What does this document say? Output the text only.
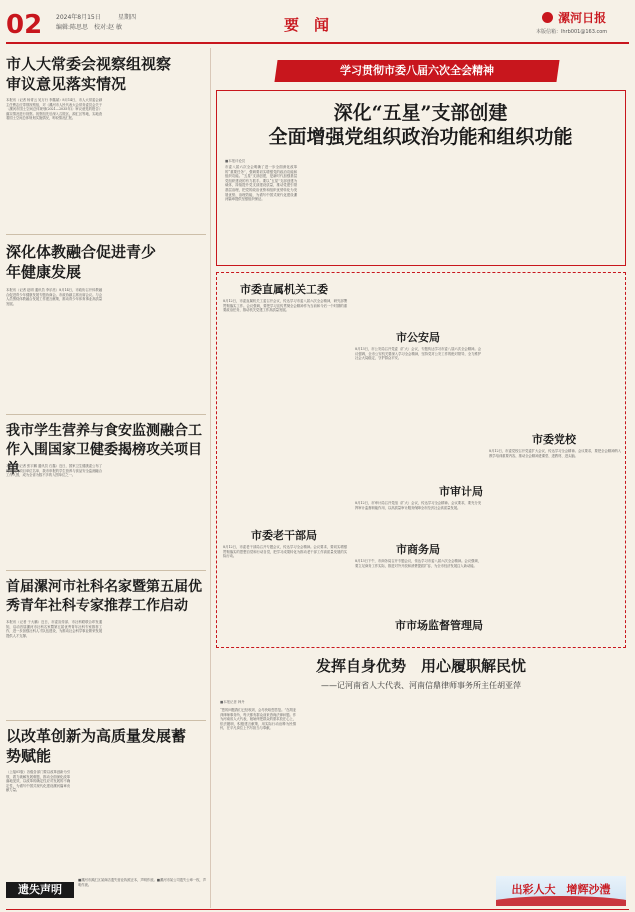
02 2024年8月15日	星期四
编辑:陈思思　校对:赵 敏	要　闻	漯河日报
本版信箱：lhrb001@163.com
市人大常委会视察组视察审议意见落实情况
本报讯（记者 杨青云 吴万行 李鑫斌）8月14日，市人大常委会副主任曹志红带领视察组，对《漯河市人民代表大会常务委员会关于〈漯河市国土空间总体规划(2021—2035年)〉审议意见的报告》落实情况进行视察。视察组先后深入召陵区、源汇区等地，实地查看国土空间总体规划实施情况，听取情况汇报。
深化体教融合促进青少年健康发展
本报讯（记者 赵明 通讯员 李乐亮）8月14日，市政协召开体教融合促进青少年健康发展专题协商会。市政协副主席出席会议。与会人员围绕体教融合发展工作建言献策，推动青少年体育事业高质量发展。
我市学生营养与食安监测融合工作入围国家卫健委揭榜攻关项目单
本报讯（记者 张宇鹏 通讯员 石鑫）近日，国家卫生健康委公布了揭榜攻关项目单位名单，我市申报的学生营养与食品安全监测融合工作入围，成为全省为数不多的入围单位之一。
首届漯河市社科名家暨第五届优秀青年社科专家推荐工作启动
本报讯（记者 于大鹏）近日，市委宣传部、市社科联联合印发通知，启动首届漯河市社科名家暨第五届优秀青年社科专家推荐工作，进一步加强社科人才队伍建设，为推动社会科学事业繁荣发展提供人才支撑。
以改革创新为高质量发展蓄势赋能
（上接01版）各级各部门要以改革创新为引领，着力破解发展难题，推动全面深化改革落地见效，以改革的确定性应对发展的不确定性，为谱写中国式现代化建设漯河篇章贡献力量。
遗失声明
■漯河市源汇区某商店遗失营业执照正本，声明作废。■漯河市某公司遗失公章一枚，声明作废。
学习贯彻市委八届六次全会精神
深化“五星”支部创建
全面增强党组织政治功能和组织功能
■本报评论员
市委八届六次全会明确了进一步全面深化改革的“重要任务”，强调要切实增强党的政治功能和组织功能。“五星”支部创建，是新时代加强基层党组织建设的有力抓手。要以“五星”支部创建为载体，持续提升党支部建设质量，推动党建引领基层治理，把党的政治优势和组织优势转化为发展优势、治理效能，为谱写中国式现代化建设漯河篇章提供坚强组织保证。
市委直属机关工委
8月12日，市委直属机关工委召开会议，传达学习市委八届六次全会精神，研究部署贯彻落实工作。会议强调，要把学习宣传贯彻全会精神作为当前和今后一个时期的重要政治任务，推动机关党建工作高质量发展。
市委老干部局
8月12日，市委老干部局召开专题会议，传达学习全会精神。会议要求，要切实增强贯彻落实的思想自觉和行动自觉，把学习成果转化为推动老干部工作高质量发展的实际行动。
市公安局
8月13日，市公安局召开党委（扩大）会议，专题传达学习市委八届六次全会精神。会议强调，全市公安机关要深入学习全会精神，坚持党对公安工作的绝对领导，全力维护社会大局稳定，守护群众平安。
市审计局
8月12日，市审计局召开党组（扩大）会议，传达学习全会精神。会议要求，要充分发挥审计监督职能作用，以高质量审计服务保障全市经济社会高质量发展。
市商务局
8月13日下午，市商务局召开专题会议，传达学习市委八届六次全会精神。会议强调，要立足商务工作实际，推进对外开放和消费提质扩容，为全市经济发展注入新动能。
市委党校
8月12日，市委党校召开党委扩大会议，传达学习全会精神。会议要求，要把全会精神纳入教学培训重要内容，推动全会精神进课堂、进教材、进头脑。
市市场监督管理局
发挥自身优势　用心履职解民忧
——记河南省人大代表、河南信鼎律师事务所主任胡亚萍
■本报记者 韩丹
“您的问题我们已经收到，会尽快给您答复。”在胡亚萍律师事务所，每天都有群众前来咨询法律问题。作为河南省人大代表，她始终把群众的需求放在心上，依法履职，积极建言献策，用实际行动诠释为民情怀，在平凡岗位上书写担当与奉献。
出彩人大　增辉沙澧
